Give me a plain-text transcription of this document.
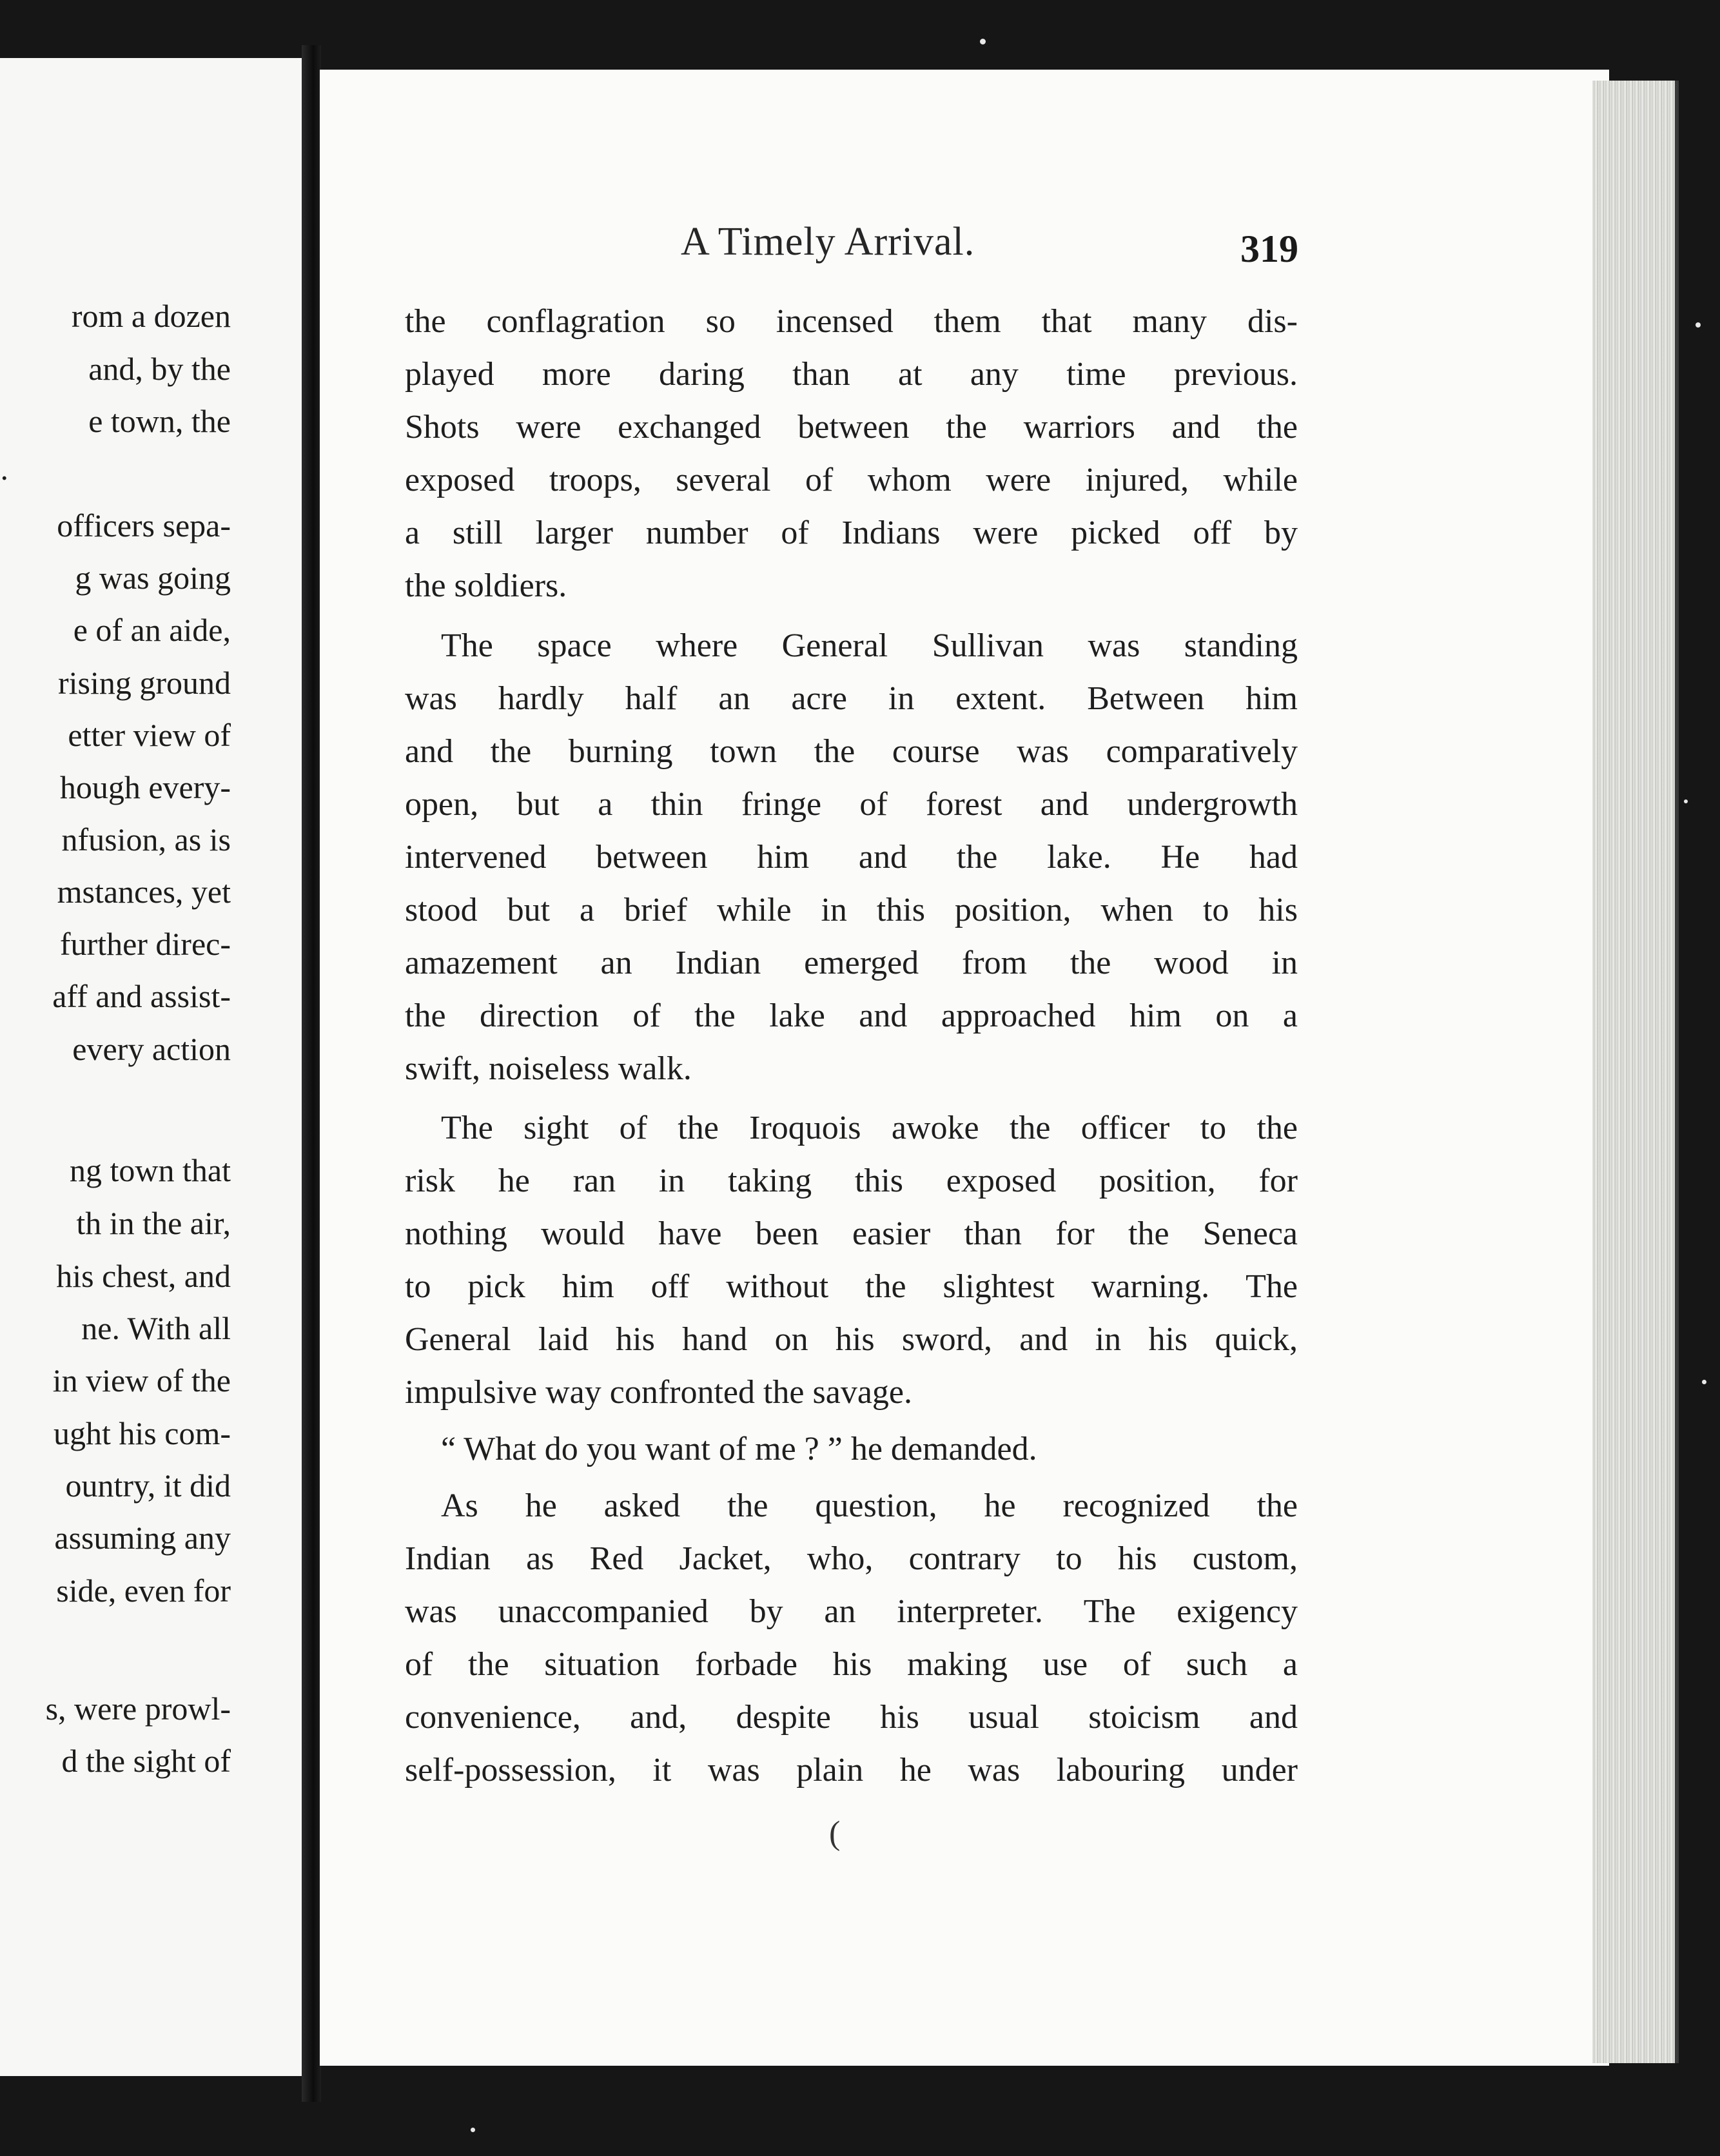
rom a dozen
and, by the
e town, the
.
officers sepa-
g was going
e of an aide,
rising ground
etter view of
hough every-
nfusion, as is
mstances, yet
further direc-
aff and assist-
every action
ng town that
th in the air,
his chest, and
ne. With all
in view of the
ught his com-
ountry, it did
assuming any
side, even for
s, were prowl-
d the sight of
A Timely Arrival.	319
the conflagration so incensed them that many dis-
played more daring than at any time previous.
Shots were exchanged between the warriors and the
exposed troops, several of whom were injured, while
a still larger number of Indians were picked off by
the soldiers.
The space where General Sullivan was standing
was hardly half an acre in extent. Between him
and the burning town the course was comparatively
open, but a thin fringe of forest and undergrowth
intervened between him and the lake. He had
stood but a brief while in this position, when to his
amazement an Indian emerged from the wood in
the direction of the lake and approached him on a
swift, noiseless walk.
The sight of the Iroquois awoke the officer to the
risk he ran in taking this exposed position, for
nothing would have been easier than for the Seneca
to pick him off without the slightest warning. The
General laid his hand on his sword, and in his quick,
impulsive way confronted the savage.
“ What do you want of me ? ” he demanded.
As he asked the question, he recognized the
Indian as Red Jacket, who, contrary to his custom,
was unaccompanied by an interpreter. The exigency
of the situation forbade his making use of such a
convenience, and, despite his usual stoicism and
self-possession, it was plain he was labouring under
(
